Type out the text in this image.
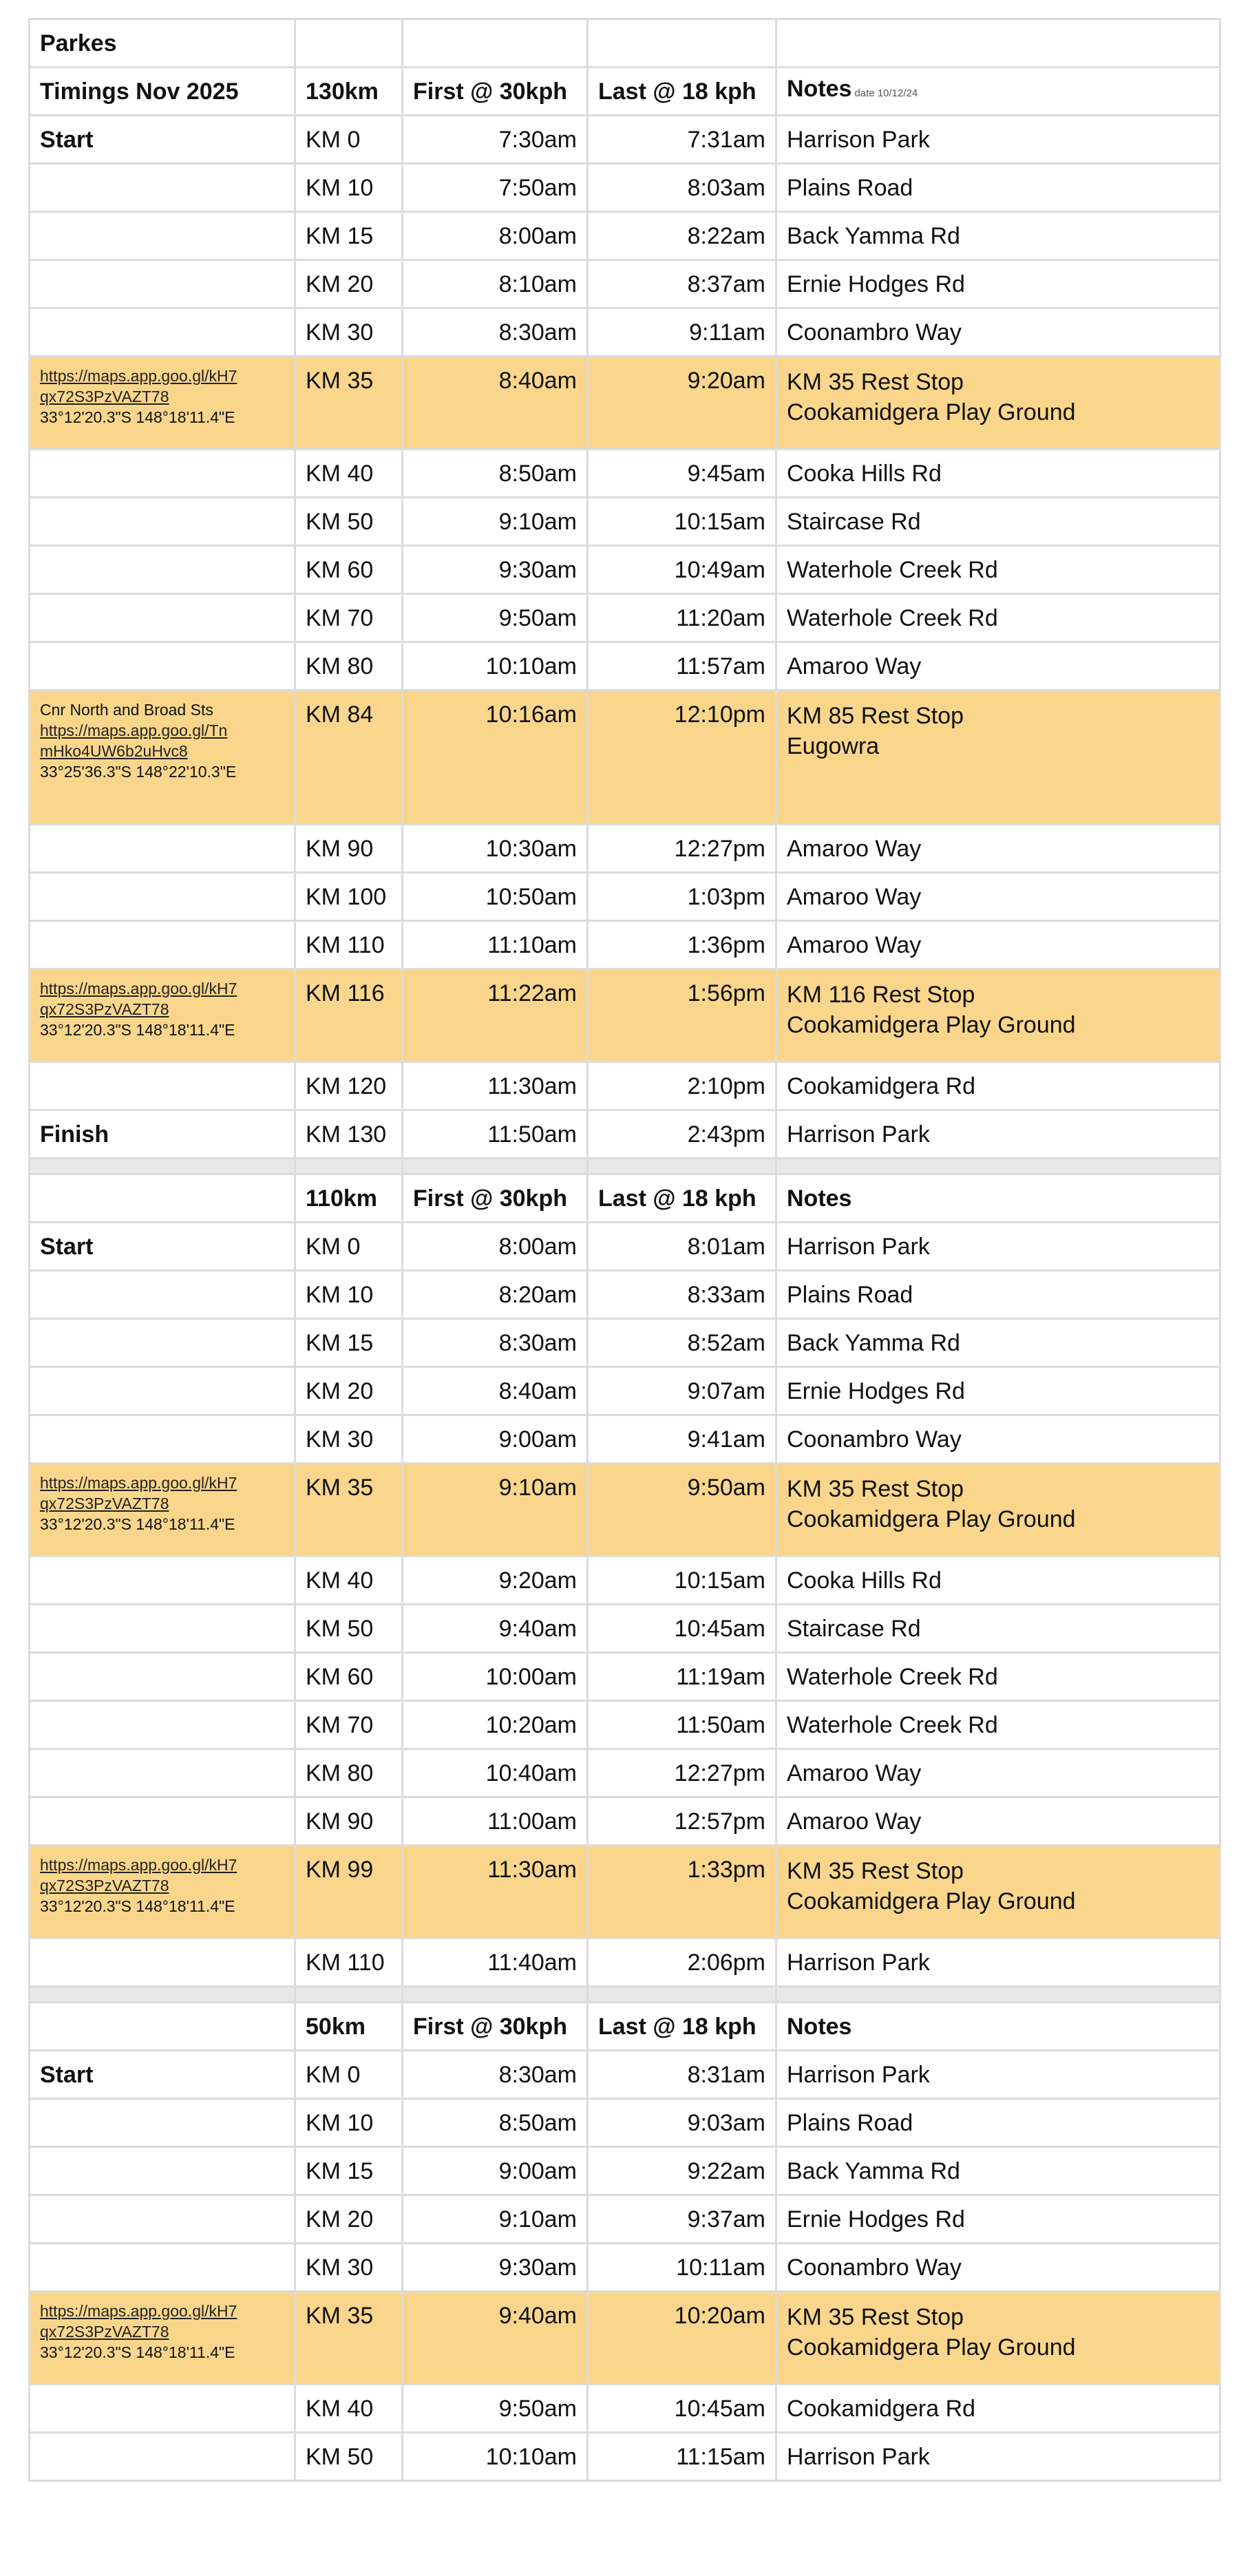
Parkes				
Timings Nov 2025	130km	First @ 30kph	Last @ 18 kph	Notes date 10/12/24
Start	KM 0	7:30am	7:31am	Harrison Park

	KM 10	7:50am	8:03am	Plains Road

	KM 15	8:00am	8:22am	Back Yamma Rd

	KM 20	8:10am	8:37am	Ernie Hodges Rd

	KM 30	8:30am	9:11am	Coonambro Way

https://maps.app.goo.gl/kH7qx72S3PzVAZT78
33°12'20.3"S 148°18'11.4"E	KM 35	8:40am	9:20am	KM 35 Rest Stop
Cookamidgera Play Ground

	KM 40	8:50am	9:45am	Cooka Hills Rd

	KM 50	9:10am	10:15am	Staircase Rd

	KM 60	9:30am	10:49am	Waterhole Creek Rd

	KM 70	9:50am	11:20am	Waterhole Creek Rd

	KM 80	10:10am	11:57am	Amaroo Way

Cnr North and Broad Sts
https://maps.app.goo.gl/TnmHko4UW6b2uHvc8
33°25'36.3"S 148°22'10.3"E	KM 84	10:16am	12:10pm	KM 85 Rest Stop
Eugowra

	KM 90	10:30am	12:27pm	Amaroo Way

	KM 100	10:50am	1:03pm	Amaroo Way

	KM 110	11:10am	1:36pm	Amaroo Way

https://maps.app.goo.gl/kH7qx72S3PzVAZT78
33°12'20.3"S 148°18'11.4"E	KM 116	11:22am	1:56pm	KM 116 Rest Stop
Cookamidgera Play Ground

	KM 120	11:30am	2:10pm	Cookamidgera Rd

Finish	KM 130	11:50am	2:43pm	Harrison Park

	110km	First @ 30kph	Last @ 18 kph	Notes
Start	KM 0	8:00am	8:01am	Harrison Park

	KM 10	8:20am	8:33am	Plains Road

	KM 15	8:30am	8:52am	Back Yamma Rd

	KM 20	8:40am	9:07am	Ernie Hodges Rd

	KM 30	9:00am	9:41am	Coonambro Way

https://maps.app.goo.gl/kH7qx72S3PzVAZT78
33°12'20.3"S 148°18'11.4"E	KM 35	9:10am	9:50am	KM 35 Rest Stop
Cookamidgera Play Ground

	KM 40	9:20am	10:15am	Cooka Hills Rd

	KM 50	9:40am	10:45am	Staircase Rd

	KM 60	10:00am	11:19am	Waterhole Creek Rd

	KM 70	10:20am	11:50am	Waterhole Creek Rd

	KM 80	10:40am	12:27pm	Amaroo Way

	KM 90	11:00am	12:57pm	Amaroo Way

https://maps.app.goo.gl/kH7qx72S3PzVAZT78
33°12'20.3"S 148°18'11.4"E	KM 99	11:30am	1:33pm	KM 35 Rest Stop
Cookamidgera Play Ground

	KM 110	11:40am	2:06pm	Harrison Park

	50km	First @ 30kph	Last @ 18 kph	Notes
Start	KM 0	8:30am	8:31am	Harrison Park

	KM 10	8:50am	9:03am	Plains Road

	KM 15	9:00am	9:22am	Back Yamma Rd

	KM 20	9:10am	9:37am	Ernie Hodges Rd

	KM 30	9:30am	10:11am	Coonambro Way

https://maps.app.goo.gl/kH7qx72S3PzVAZT78
33°12'20.3"S 148°18'11.4"E	KM 35	9:40am	10:20am	KM 35 Rest Stop
Cookamidgera Play Ground

	KM 40	9:50am	10:45am	Cookamidgera Rd

	KM 50	10:10am	11:15am	Harrison Park
